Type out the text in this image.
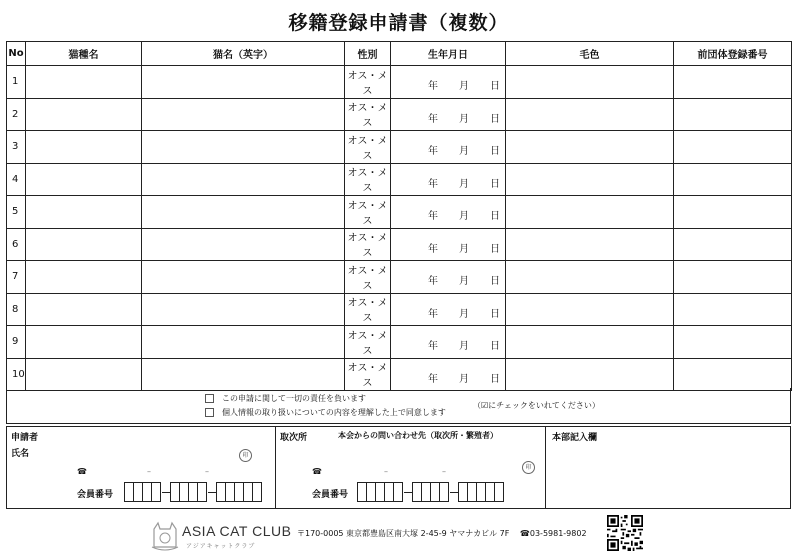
移籍登録申請書（複数）
No	猫種名	猫名（英字）	性別	生年月日	毛色	前団体登録番号
1			オス・メス	年 月 日		

2			オス・メス	年 月 日		

3			オス・メス	年 月 日		

4			オス・メス	年 月 日		

5			オス・メス	年 月 日		

6			オス・メス	年 月 日		

7			オス・メス	年 月 日		

8			オス・メス	年 月 日		

9			オス・メス	年 月 日		

10			オス・メス	年 月 日		

この申請に関して一切の責任を負います
個人情報の取り扱いについての内容を理解した上で同意します
（☑にチェックをいれてください）
申請者
氏名	印
☎	–	–
会員番号
取次所	本会からの問い合わせ先（取次所・繁殖者）
印
☎	–	–
会員番号
本部記入欄
ASIA CAT CLUB
アジアキャットクラブ
〒170-0005 東京都豊島区南大塚 2-45-9 ヤマナカビル 7F ☎03-5981-9802
